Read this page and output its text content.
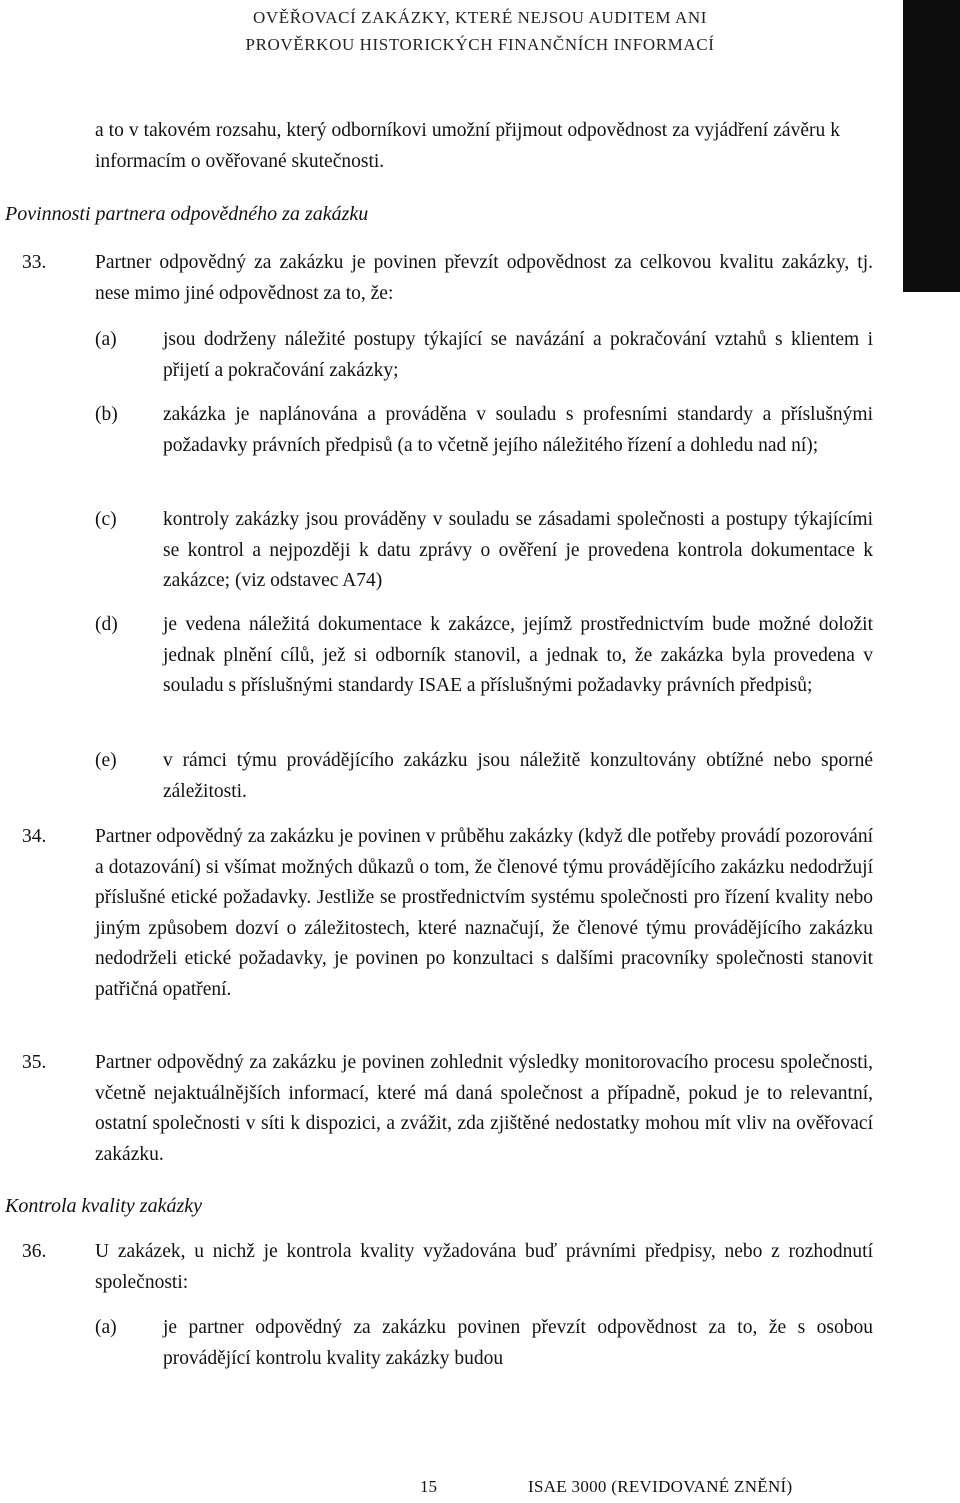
OVĚŘOVACÍ ZAKÁZKY, KTERÉ NEJSOU AUDITEM ANI
PROVĚRKOU HISTORICKÝCH FINANČNÍCH INFORMACÍ

a to v takovém rozsahu, který odborníkovi umožní přijmout odpovědnost za vyjádření závěru k informacím o ověřované skutečnosti.

Povinnosti partnera odpovědného za zakázku
33. Partner odpovědný za zakázku je povinen převzít odpovědnost za celkovou kvalitu zakázky, tj. nese mimo jiné odpovědnost za to, že:

(a) jsou dodrženy náležité postupy týkající se navázání a pokračování vztahů s klientem i přijetí a pokračování zakázky;

(b) zakázka je naplánována a prováděna v souladu s profesními standardy a příslušnými požadavky právních předpisů (a to včetně jejího náležitého řízení a dohledu nad ní);

(c) kontroly zakázky jsou prováděny v souladu se zásadami společnosti a postupy týkajícími se kontrol a nejpozději k datu zprávy o ověření je provedena kontrola dokumentace k zakázce; (viz odstavec A74)

(d) je vedena náležitá dokumentace k zakázce, jejímž prostřednictvím bude možné doložit jednak plnění cílů, jež si odborník stanovil, a jednak to, že zakázka byla provedena v souladu s příslušnými standardy ISAE a příslušnými požadavky právních předpisů;

(e) v rámci týmu provádějícího zakázku jsou náležitě konzultovány obtížné nebo sporné záležitosti.

34. Partner odpovědný za zakázku je povinen v průběhu zakázky (když dle potřeby provádí pozorování a dotazování) si všímat možných důkazů o tom, že členové týmu provádějícího zakázku nedodržují příslušné etické požadavky. Jestliže se prostřednictvím systému společnosti pro řízení kvality nebo jiným způsobem dozví o záležitostech, které naznačují, že členové týmu provádějícího zakázku nedodrželi etické požadavky, je povinen po konzultaci s dalšími pracovníky společnosti stanovit patřičná opatření.

35. Partner odpovědný za zakázku je povinen zohlednit výsledky monitorovacího procesu společnosti, včetně nejaktuálnějších informací, které má daná společnost a případně, pokud je to relevantní, ostatní společnosti v síti k dispozici, a zvážit, zda zjištěné nedostatky mohou mít vliv na ověřovací zakázku.

Kontrola kvality zakázky
36. U zakázek, u nichž je kontrola kvality vyžadována buď právními předpisy, nebo z rozhodnutí společnosti:

(a) je partner odpovědný za zakázku povinen převzít odpovědnost za to, že s osobou provádějící kontrolu kvality zakázky budou

15	ISAE 3000 (REVIDOVANÉ ZNĚNÍ)
